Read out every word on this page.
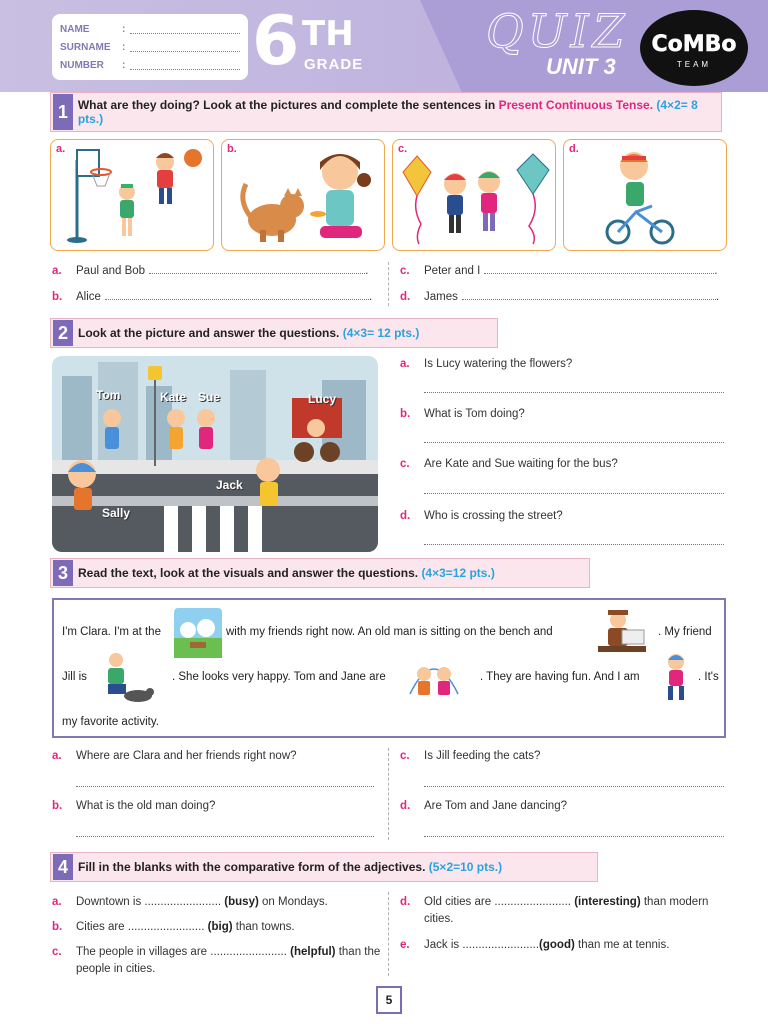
NAME	:
SURNAME	:
NUMBER	: 6 TH
GRADE
QUIZ
UNIT 3
CoMBo
TEAM
1 What are they doing? Look at the pictures and complete the sentences in Present Continuous Tense. (4×2= 8 pts.)
a.	b.	c.	d.
a.	Paul and Bob	.
b.	Alice	.
c.	Peter and I	.
d.	James	.
2 Look at the picture and answer the questions. (4×3= 12 pts.)
Tom	Kate Sue	Lucy
Jack
Sally
a. Is Lucy watering the flowers?
b. What is Tom doing?
c. Are Kate and Sue waiting for the bus?
d. Who is crossing the street?
3 Read the text, look at the visuals and answer the questions. (4×3=12 pts.)
I'm Clara. I'm at the	with my friends right now. An old man is sitting on the bench and	. My friend
Jill is	. She looks very happy. Tom and Jane are	. They are having fun. And I am	. It's
my favorite activity.
a. Where are Clara and her friends right now?
b. What is the old man doing?
c. Is Jill feeding the cats?
d. Are Tom and Jane dancing?
4 Fill in the blanks with the comparative form of the adjectives. (5×2=10 pts.)
a. Downtown is ........................ (busy) on Mondays.
b. Cities are ........................ (big) than towns.
c. The people in villages are ........................ (helpful) than the people in cities.
d. Old cities are ........................ (interesting) than modern cities.
e. Jack is ........................(good) than me at tennis.
5
